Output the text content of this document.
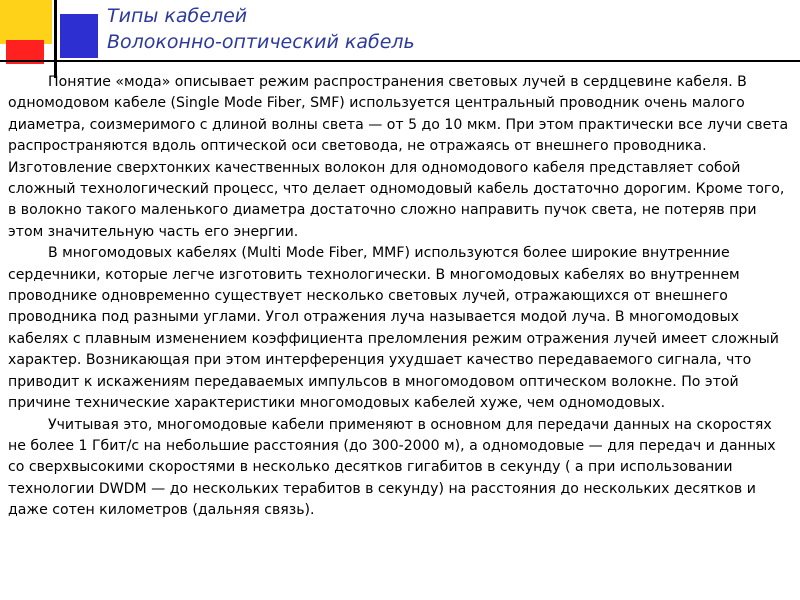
Типы кабелей
Волоконно-оптический кабель

Понятие «мода» описывает режим распространения световых лучей в сердцевине кабеля. В одномодовом кабеле (Single Mode Fiber, SMF) используется центральный проводник очень малого диаметра, соизмеримого с длиной волны света — от 5 до 10 мкм. При этом практически все лучи света распространяются вдоль оптической оси световода, не отражаясь от внешнего проводника. Изготовление сверхтонких качественных волокон для одномодового кабеля представляет собой сложный технологический процесс, что делает одномодовый кабель достаточно дорогим. Кроме того, в волокно такого маленького диаметра достаточно сложно направить пучок света, не потеряв при этом значительную часть его энергии.

В многомодовых кабелях (Multi Mode Fiber, MMF) используются более широкие внутренние сердечники, которые легче изготовить технологически. В многомодовых кабелях во внутреннем проводнике одновременно существует несколько световых лучей, отражающихся от внешнего проводника под разными углами. Угол отражения луча называется модой луча. В многомодовых кабелях с плавным изменением коэффициента преломления режим отражения лучей имеет сложный характер. Возникающая при этом интерференция ухудшает качество передаваемого сигнала, что приводит к искажениям передаваемых импульсов в многомодовом оптическом волокне. По этой причине технические характеристики многомодовых кабелей хуже, чем одномодовых.

Учитывая это, многомодовые кабели применяют в основном для передачи данных на скоростях не более 1 Гбит/с на небольшие расстояния (до 300-2000 м), а одномодовые — для передач и данных со сверхвысокими скоростями в несколько десятков гигабитов в секунду ( а при использовании технологии DWDM — до нескольких терабитов в секунду) на расстояния до нескольких десятков и даже сотен километров (дальняя связь).
